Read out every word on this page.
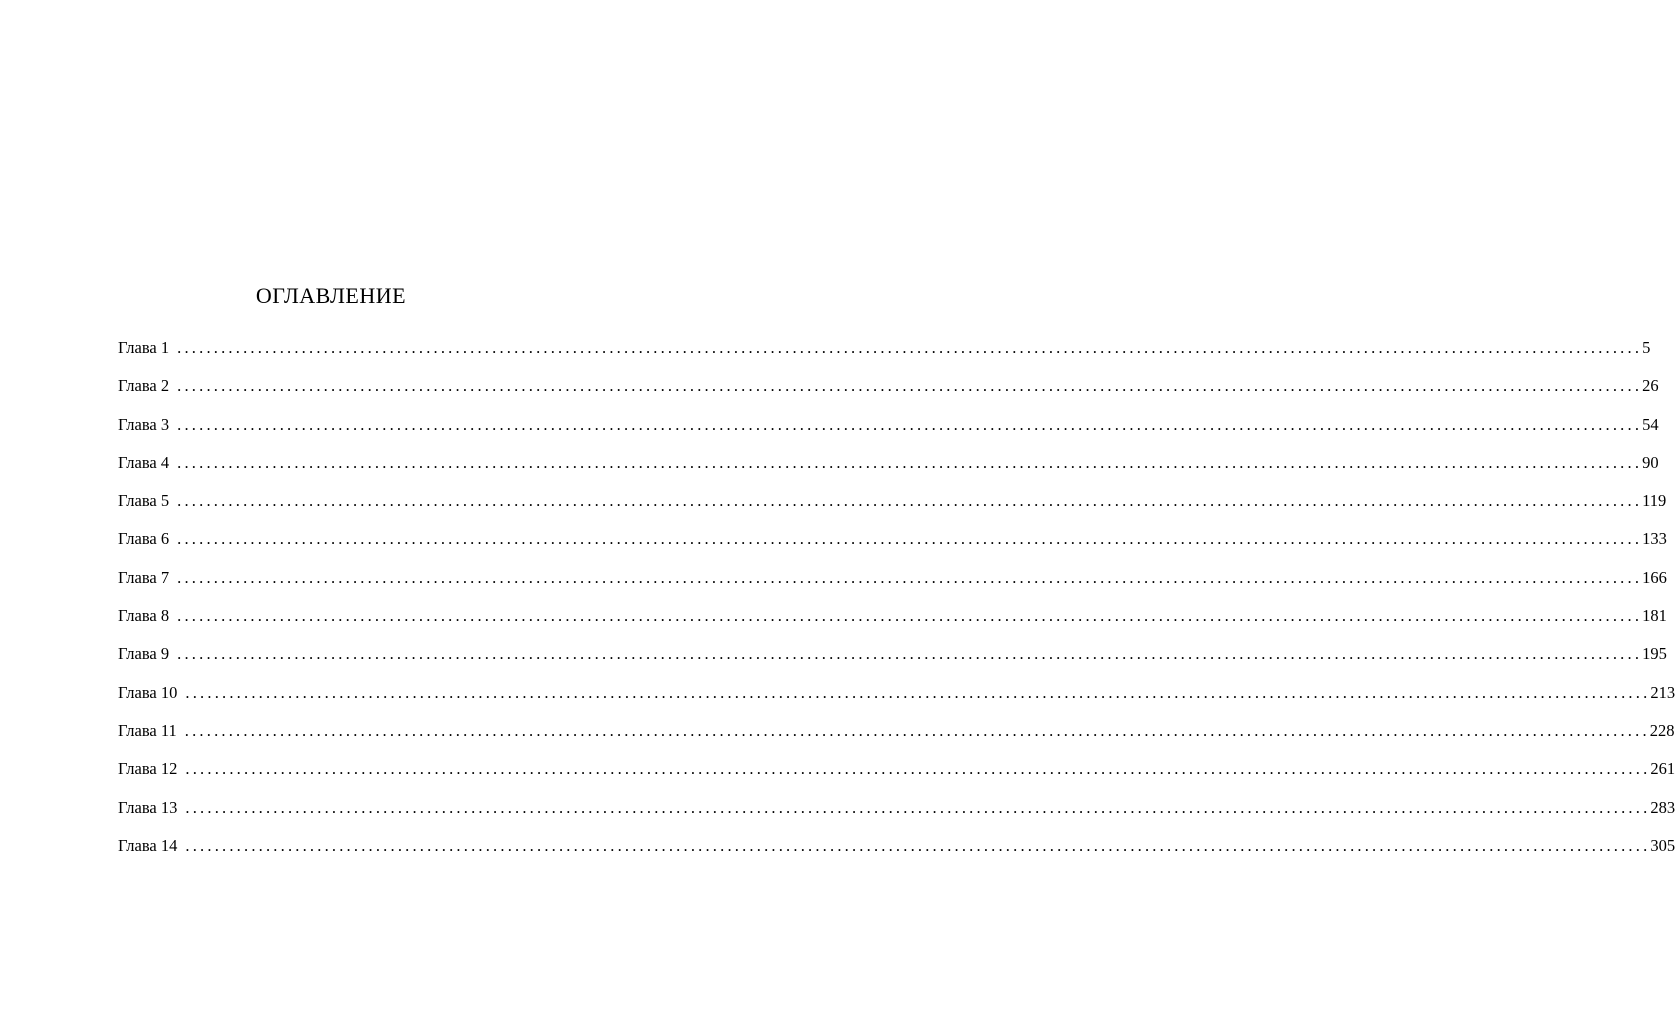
ОГЛАВЛЕНИЕ
Глава 1 ........................................................................................................................................................................................................ 5
Глава 2 ........................................................................................................................................................................................................ 26
Глава 3 ........................................................................................................................................................................................................ 54
Глава 4 ........................................................................................................................................................................................................ 90
Глава 5 ........................................................................................................................................................................................................ 119
Глава 6 ........................................................................................................................................................................................................ 133
Глава 7 ........................................................................................................................................................................................................ 166
Глава 8 ........................................................................................................................................................................................................ 181
Глава 9 ........................................................................................................................................................................................................ 195
Глава 10 ........................................................................................................................................................................................................ 213
Глава 11 ........................................................................................................................................................................................................ 228
Глава 12 ........................................................................................................................................................................................................ 261
Глава 13 ........................................................................................................................................................................................................ 283
Глава 14 ........................................................................................................................................................................................................ 305
